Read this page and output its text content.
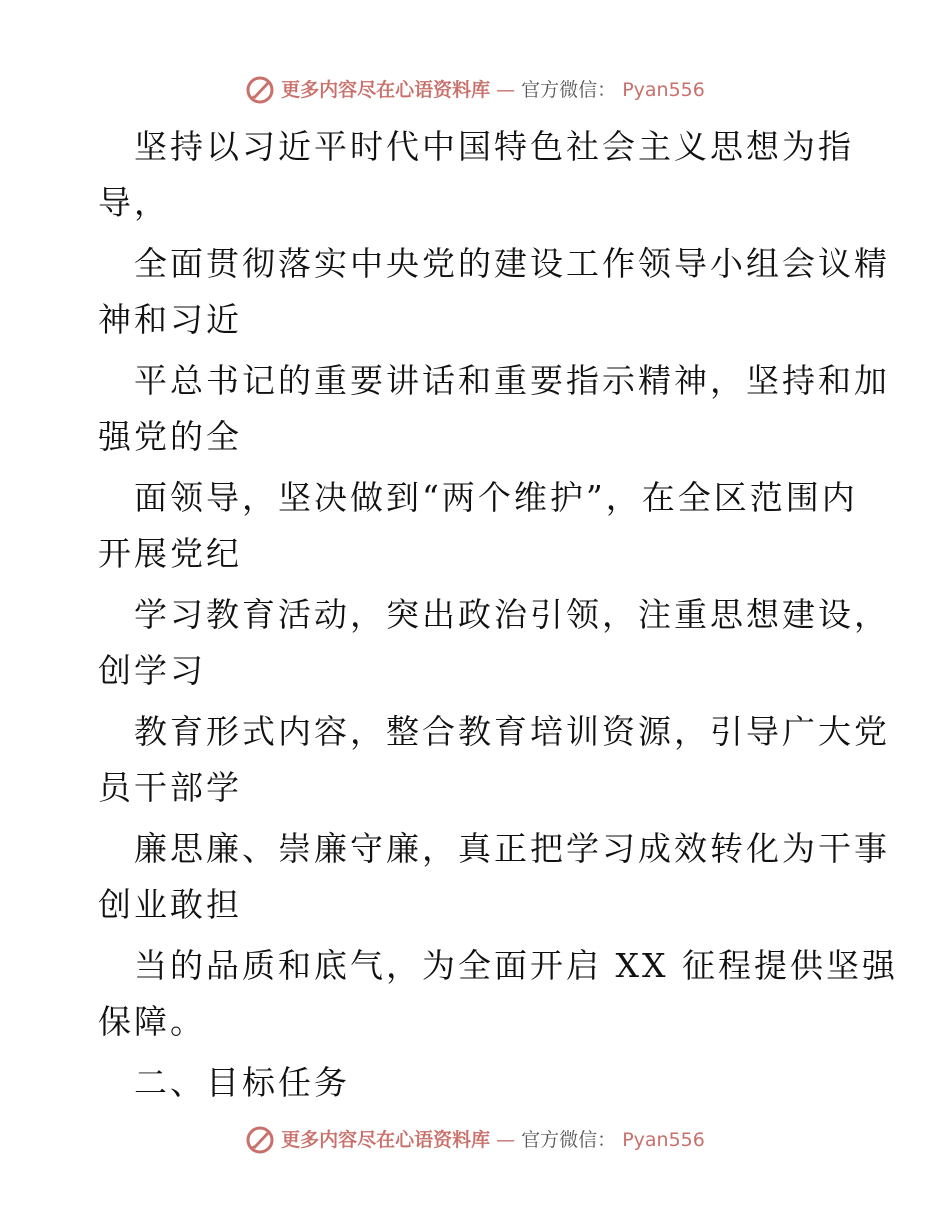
更多内容尽在心语资料库 — 官方微信： Pyan556
坚持以习近平时代中国特色社会主义思想为指
导，
全面贯彻落实中央党的建设工作领导小组会议精
神和习近
平总书记的重要讲话和重要指示精神，坚持和加
强党的全
面领导，坚决做到“两个维护”，在全区范围内
开展党纪
学习教育活动，突出政治引领，注重思想建设，
创学习
教育形式内容，整合教育培训资源，引导广大党
员干部学
廉思廉、崇廉守廉，真正把学习成效转化为干事
创业敢担
当的品质和底气，为全面开启 XX 征程提供坚强
保障。
二、目标任务
更多内容尽在心语资料库 — 官方微信： Pyan556
